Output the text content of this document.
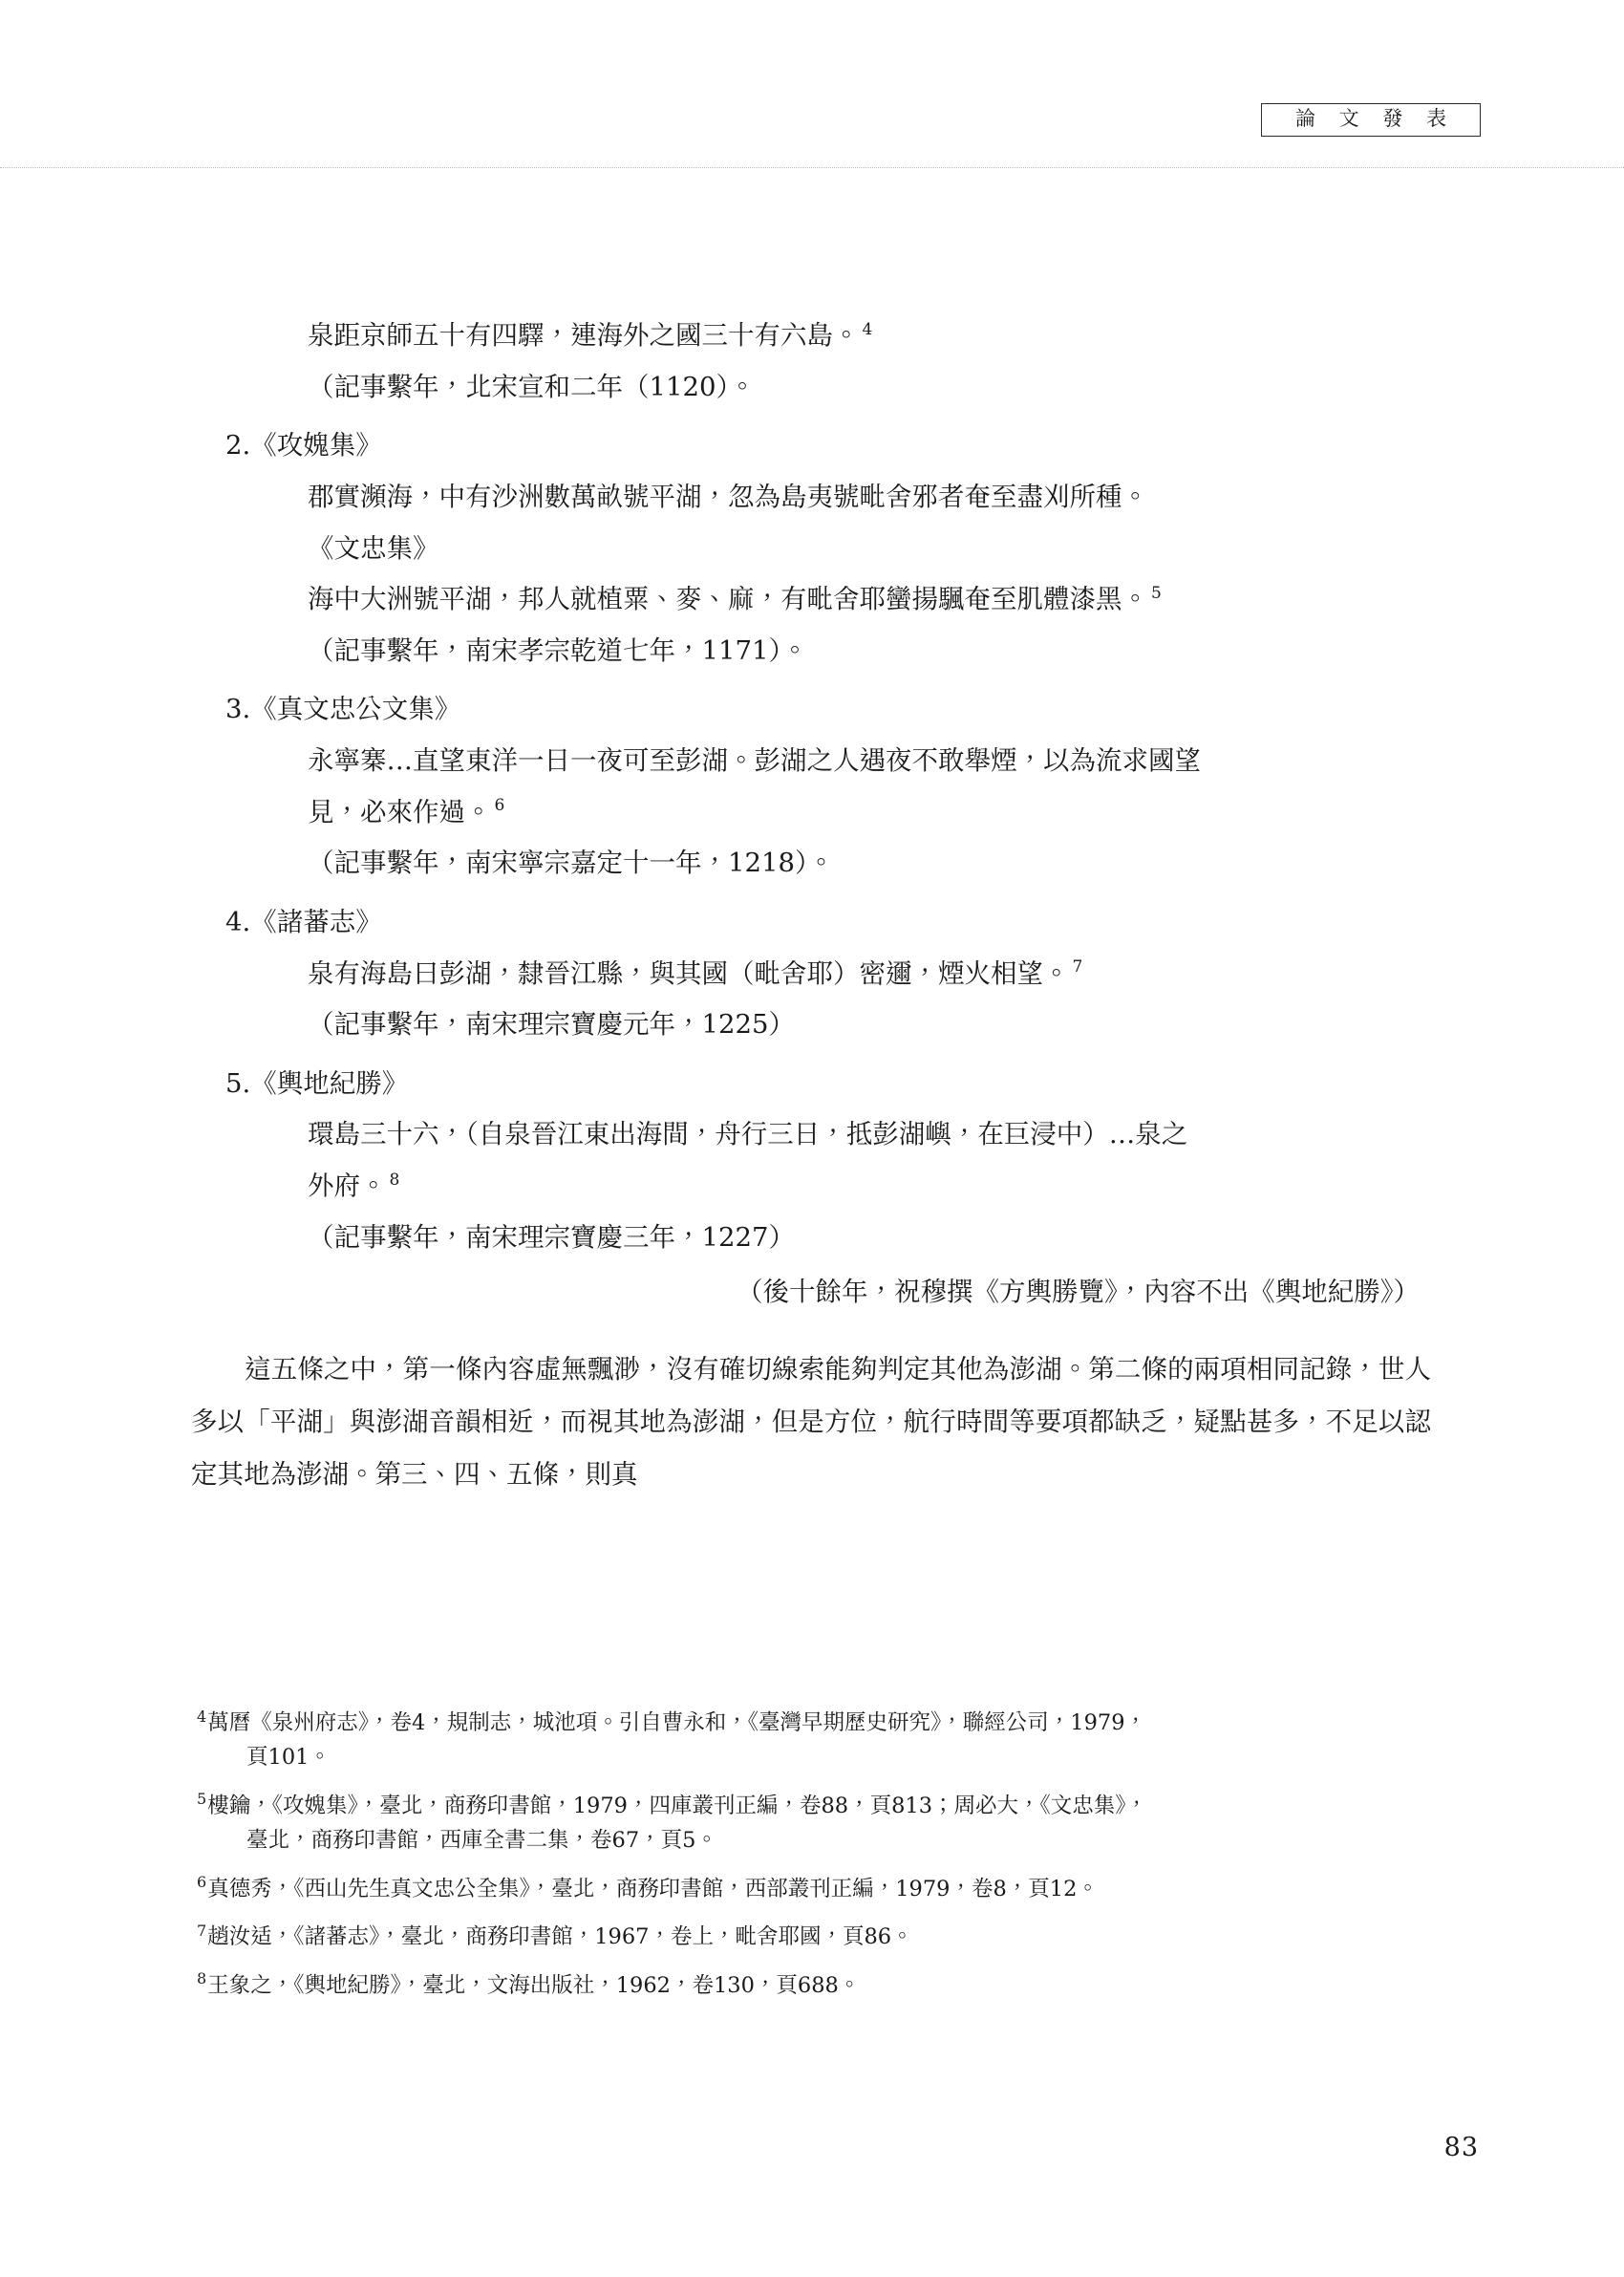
論 文 發 表
泉距京師五十有四驛，連海外之國三十有六島。 $^4$
（記事繫年，北宋宣和二年（1120）。
2.《攻媿集》
郡實瀕海，中有沙洲數萬畝號平湖，忽為島夷號毗舍邪者奄至盡刈所種。
《文忠集》
海中大洲號平湖，邦人就植粟、麥、麻，有毗舍耶蠻揚颿奄至肌體漆黑。 $^5$
（記事繫年，南宋孝宗乾道七年，1171）。
3.《真文忠公文集》
永寧寨…直望東洋一日一夜可至彭湖。彭湖之人遇夜不敢舉煙，以為流求國望
見，必來作過。 $^6$
（記事繫年，南宋寧宗嘉定十一年，1218）。
4.《諸蕃志》
泉有海島曰彭湖，隸晉江縣，與其國（毗舍耶）密邇，煙火相望。 $^7$
（記事繫年，南宋理宗寶慶元年，1225）
5.《輿地紀勝》
環島三十六，（自泉晉江東出海間，舟行三日，抵彭湖嶼，在巨浸中）…泉之
外府。 $^8$
（記事繫年，南宋理宗寶慶三年，1227）
（後十餘年，祝穆撰《方輿勝覽》，內容不出《輿地紀勝》）
這五條之中，第一條內容虛無飄渺，沒有確切線索能夠判定其他為澎湖。第二條的兩項相同記錄，世人多以「平湖」與澎湖音韻相近，而視其地為澎湖，但是方位，航行時間等要項都缺乏，疑點甚多，不足以認定其地為澎湖。第三、四、五條，則真
$^4$萬曆《泉州府志》，卷4，規制志，城池項。引自曹永和，《臺灣早期歷史研究》，聯經公司，1979，
頁101。
$^5$樓鑰，《攻媿集》，臺北，商務印書館，1979，四庫叢刊正編，卷88，頁813；周必大，《文忠集》，
臺北，商務印書館，西庫全書二集，卷67，頁5。
$^6$真德秀，《西山先生真文忠公全集》，臺北，商務印書館，西部叢刊正編，1979，卷8，頁12。
$^7$趙汝适，《諸蕃志》，臺北，商務印書館，1967，卷上，毗舍耶國，頁86。
$^8$王象之，《輿地紀勝》，臺北，文海出版社，1962，卷130，頁688。
83
